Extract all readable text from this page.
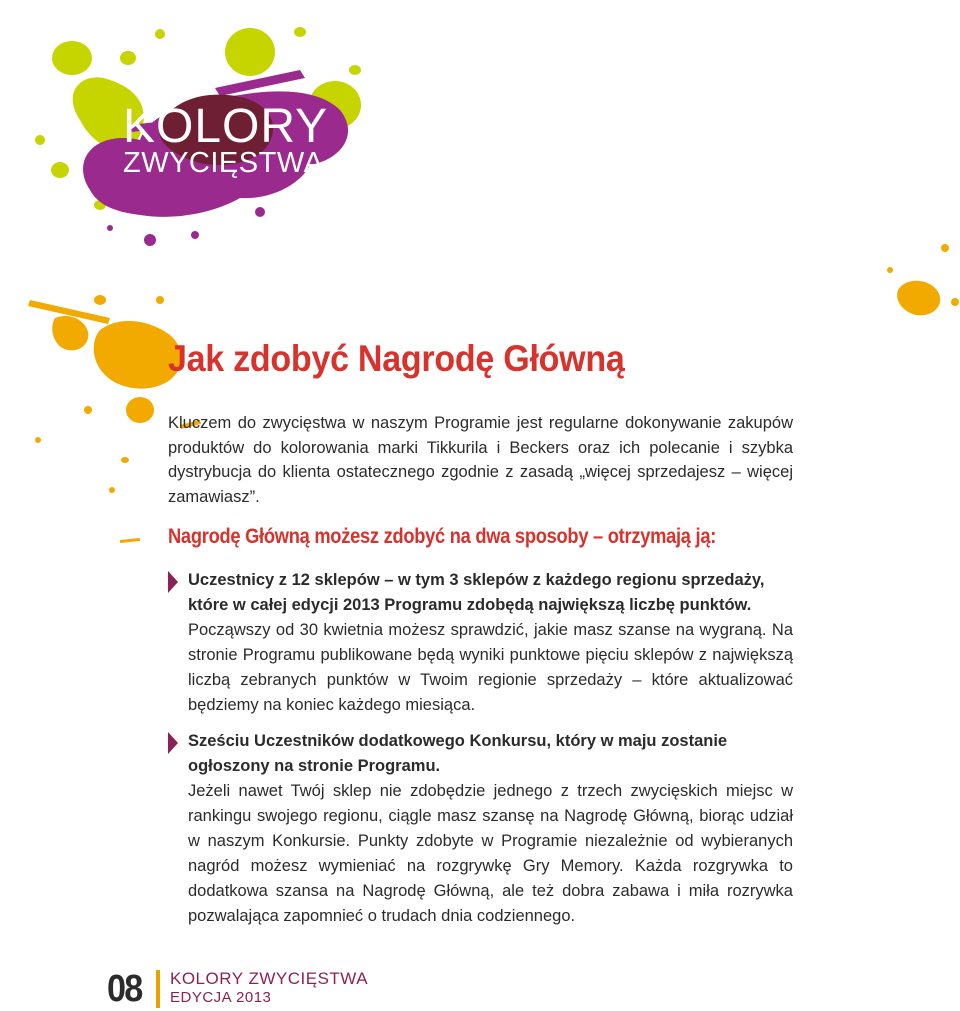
KOLORY
ZWYCIĘSTWA
Jak zdobyć Nagrodę Główną

Kluczem do zwycięstwa w naszym Programie jest regularne dokonywanie zakupów produktów do kolorowania marki Tikkurila i Beckers oraz ich polecanie i szybka dystrybucja do klienta ostatecznego zgodnie z zasadą „więcej sprzedajesz – więcej zamawiasz”.

Nagrodę Główną możesz zdobyć na dwa sposoby – otrzymają ją:

Uczestnicy z 12 sklepów – w tym 3 sklepów z każdego regionu sprzedaży, które w całej edycji 2013 Programu zdobędą największą liczbę punktów.

Począwszy od 30 kwietnia możesz sprawdzić, jakie masz szanse na wygraną. Na stronie Programu publikowane będą wyniki punktowe pięciu sklepów z największą liczbą zebranych punktów w Twoim regionie sprzedaży – które aktualizować będziemy na koniec każdego miesiąca.

Sześciu Uczestników dodatkowego Konkursu, który w maju zostanie ogłoszony na stronie Programu.

Jeżeli nawet Twój sklep nie zdobędzie jednego z trzech zwycięskich miejsc w rankingu swojego regionu, ciągle masz szansę na Nagrodę Główną, biorąc udział w naszym Konkursie. Punkty zdobyte w Programie niezależnie od wybieranych nagród możesz wymieniać na rozgrywkę Gry Memory. Każda rozgrywka to dodatkowa szansa na Nagrodę Główną, ale też dobra zabawa i miła rozrywka pozwalająca zapomnieć o trudach dnia codziennego.

08 KOLORY ZWYCIĘSTWA
EDYCJA 2013
